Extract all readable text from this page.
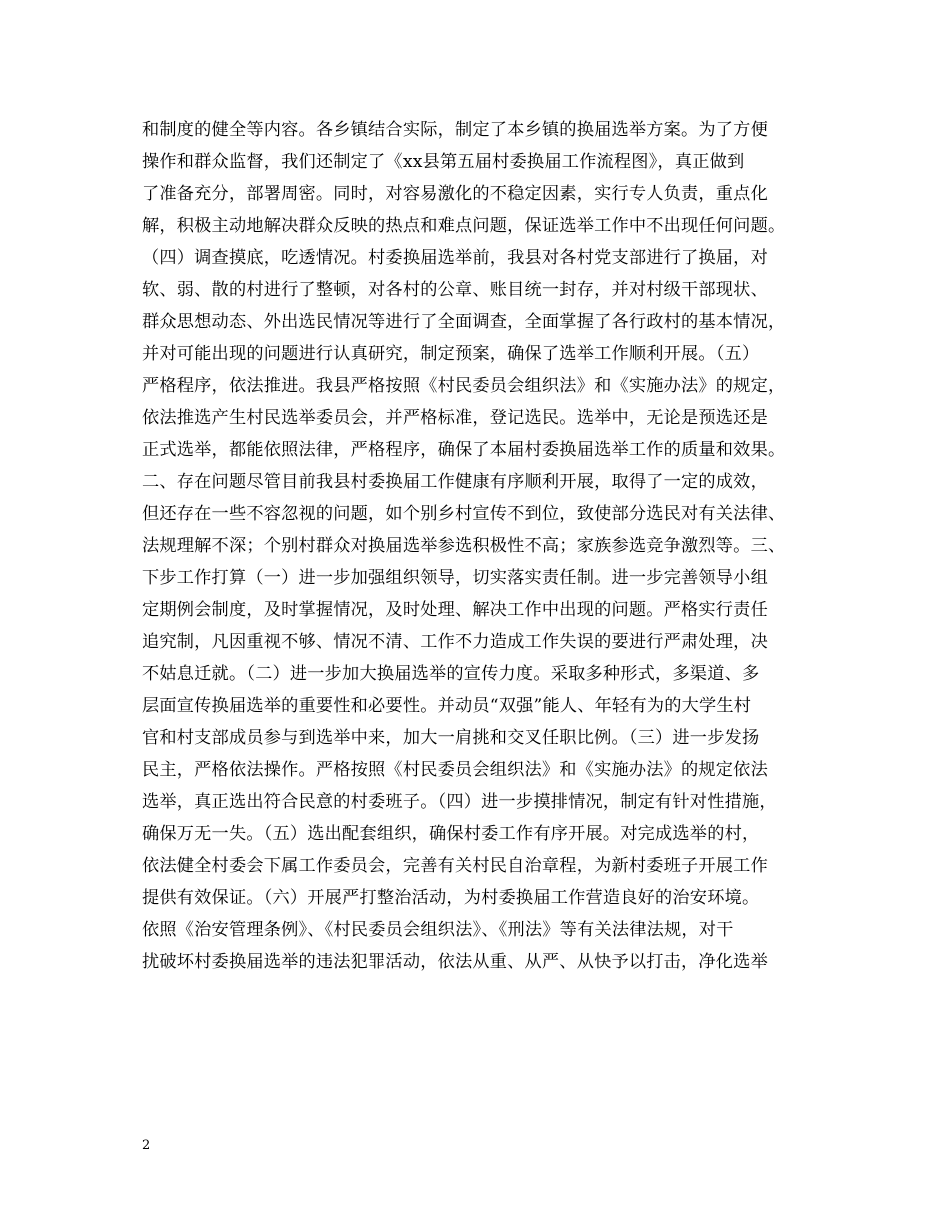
和制度的健全等内容。各乡镇结合实际，制定了本乡镇的换届选举方案。为了方便
操作和群众监督，我们还制定了《xx县第五届村委换届工作流程图》，真正做到
了准备充分，部署周密。同时，对容易激化的不稳定因素，实行专人负责，重点化
解，积极主动地解决群众反映的热点和难点问题，保证选举工作中不出现任何问题。
（四）调查摸底，吃透情况。村委换届选举前，我县对各村党支部进行了换届，对
软、弱、散的村进行了整顿，对各村的公章、账目统一封存，并对村级干部现状、
群众思想动态、外出选民情况等进行了全面调查，全面掌握了各行政村的基本情况，
并对可能出现的问题进行认真研究，制定预案，确保了选举工作顺利开展。（五）
严格程序，依法推进。我县严格按照《村民委员会组织法》和《实施办法》的规定，
依法推选产生村民选举委员会，并严格标准，登记选民。选举中，无论是预选还是
正式选举，都能依照法律，严格程序，确保了本届村委换届选举工作的质量和效果。
二、存在问题尽管目前我县村委换届工作健康有序顺利开展，取得了一定的成效，
但还存在一些不容忽视的问题，如个别乡村宣传不到位，致使部分选民对有关法律、
法规理解不深；个别村群众对换届选举参选积极性不高；家族参选竞争激烈等。三、
下步工作打算（一）进一步加强组织领导，切实落实责任制。进一步完善领导小组
定期例会制度，及时掌握情况，及时处理、解决工作中出现的问题。严格实行责任
追究制，凡因重视不够、情况不清、工作不力造成工作失误的要进行严肃处理，决
不姑息迁就。（二）进一步加大换届选举的宣传力度。采取多种形式，多渠道、多
层面宣传换届选举的重要性和必要性。并动员“双强”能人、年轻有为的大学生村
官和村支部成员参与到选举中来，加大一肩挑和交叉任职比例。（三）进一步发扬
民主，严格依法操作。严格按照《村民委员会组织法》和《实施办法》的规定依法
选举，真正选出符合民意的村委班子。（四）进一步摸排情况，制定有针对性措施，
确保万无一失。（五）选出配套组织，确保村委工作有序开展。对完成选举的村，
依法健全村委会下属工作委员会，完善有关村民自治章程，为新村委班子开展工作
提供有效保证。（六）开展严打整治活动，为村委换届工作营造良好的治安环境。
依照《治安管理条例》、《村民委员会组织法》、《刑法》等有关法律法规，对干
扰破坏村委换届选举的违法犯罪活动，依法从重、从严、从快予以打击，净化选举
2
